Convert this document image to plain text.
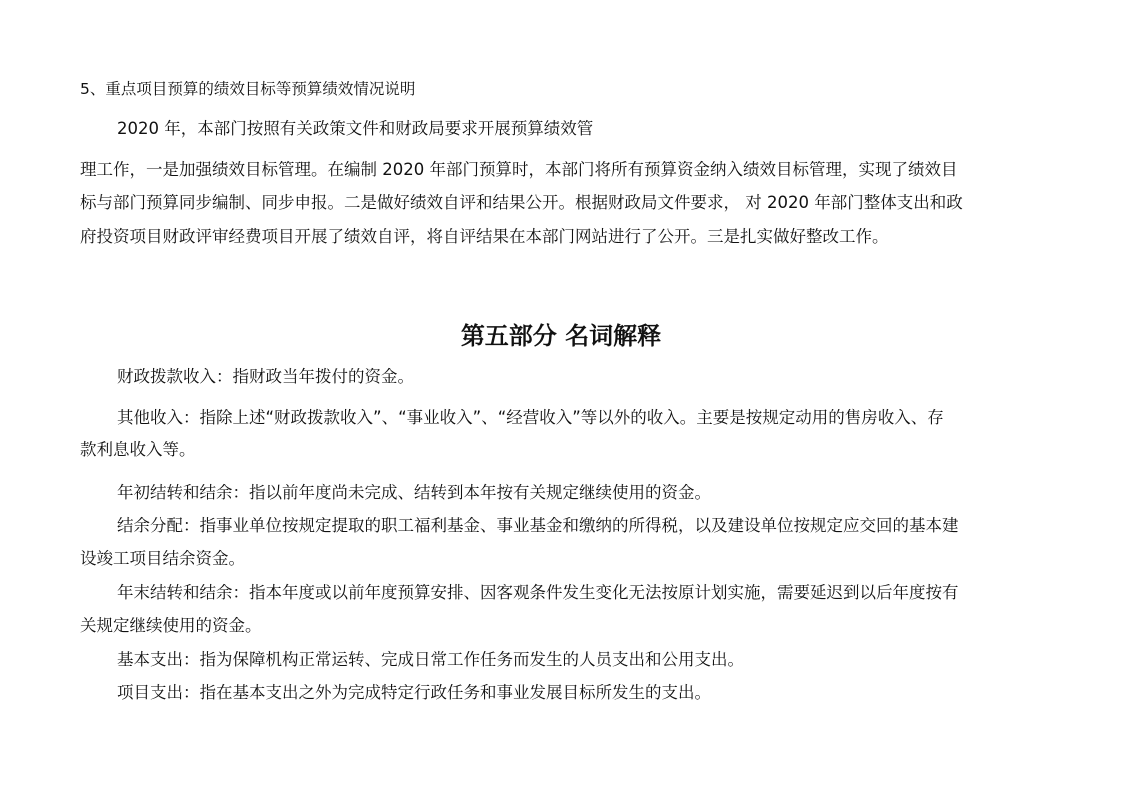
5、重点项目预算的绩效目标等预算绩效情况说明
2020 年，本部门按照有关政策文件和财政局要求开展预算绩效管
理工作，一是加强绩效目标管理。在编制 2020 年部门预算时，本部门将所有预算资金纳入绩效目标管理，实现了绩效目
标与部门预算同步编制、同步申报。二是做好绩效自评和结果公开。根据财政局文件要求， 对 2020 年部门整体支出和政
府投资项目财政评审经费项目开展了绩效自评，将自评结果在本部门网站进行了公开。三是扎实做好整改工作。
第五部分 名词解释
财政拨款收入：指财政当年拨付的资金。
其他收入：指除上述“财政拨款收入”、“事业收入”、“经营收入”等以外的收入。主要是按规定动用的售房收入、存
款利息收入等。
年初结转和结余：指以前年度尚未完成、结转到本年按有关规定继续使用的资金。
结余分配：指事业单位按规定提取的职工福利基金、事业基金和缴纳的所得税，以及建设单位按规定应交回的基本建
设竣工项目结余资金。
年末结转和结余：指本年度或以前年度预算安排、因客观条件发生变化无法按原计划实施，需要延迟到以后年度按有
关规定继续使用的资金。
基本支出：指为保障机构正常运转、完成日常工作任务而发生的人员支出和公用支出。
项目支出：指在基本支出之外为完成特定行政任务和事业发展目标所发生的支出。
